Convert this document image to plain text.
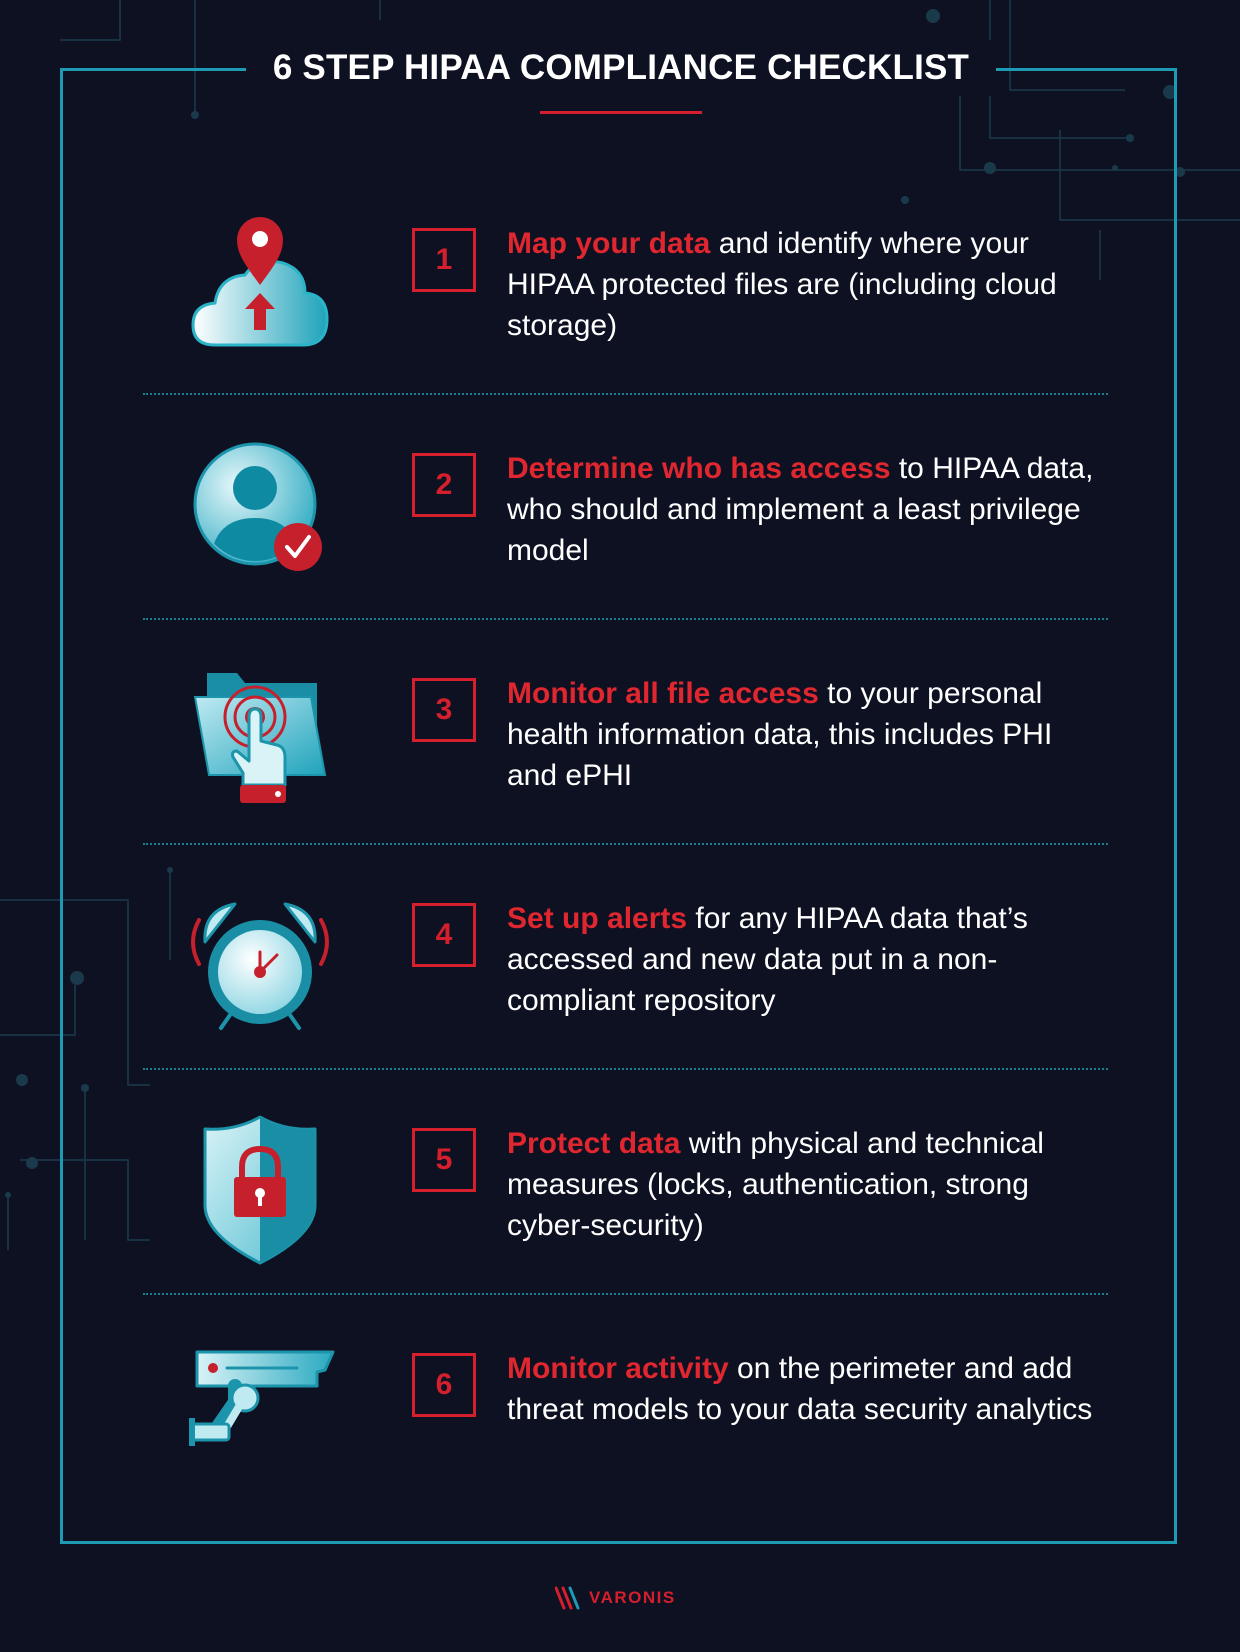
6 STEP HIPAA COMPLIANCE CHECKLIST
1	Map your data and identify where your HIPAA protected files are (including cloud storage)

2	Determine who has access to HIPAA data, who should and implement a least privilege model

3	Monitor all file access to your personal health information data, this includes PHI and ePHI

4	Set up alerts for any HIPAA data that’s accessed and new data put in a non-compliant repository

5	Protect data with physical and technical measures (locks, authentication, strong cyber-security)

6	Monitor activity on the perimeter and add threat models to your data security analytics

VARONIS
